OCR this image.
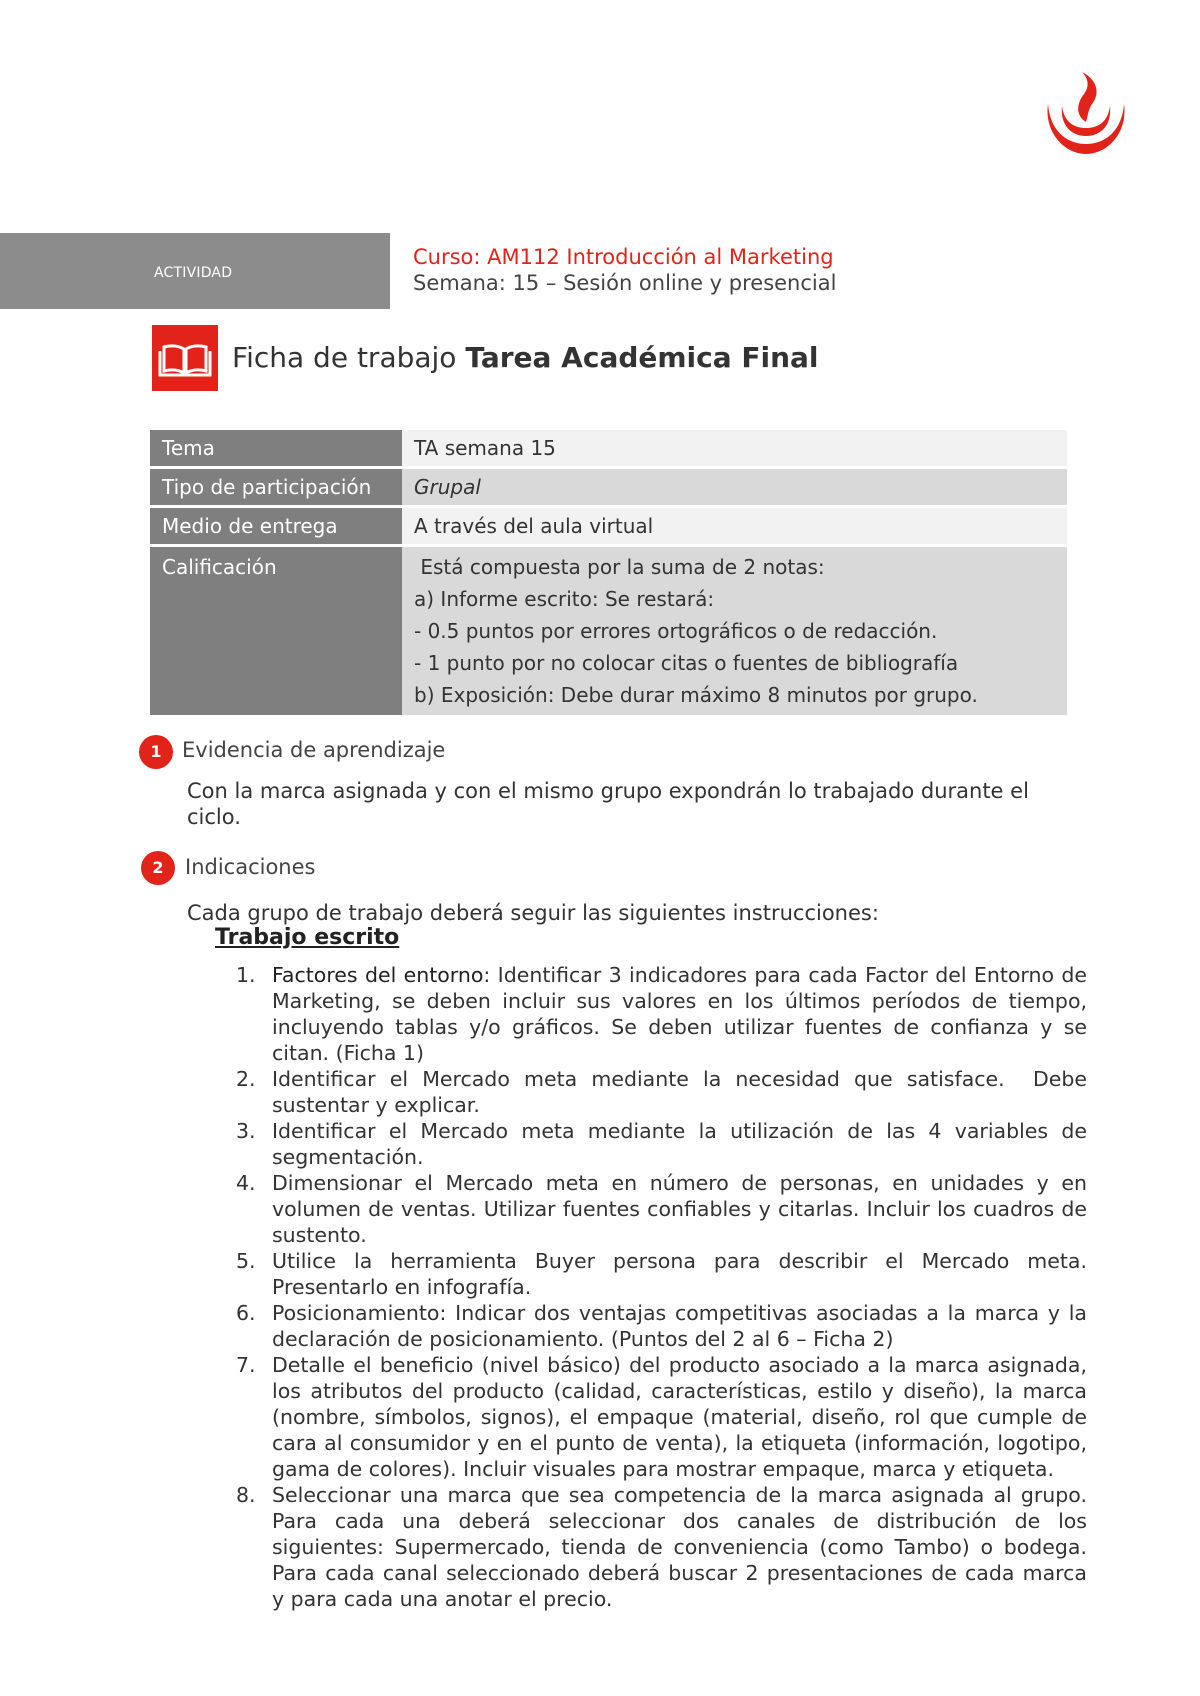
ACTIVIDAD
Curso: AM112 Introducción al Marketing
Semana: 15 – Sesión online y presencial
Ficha de trabajo Tarea Académica Final
Tema	TA semana 15
Tipo de participación	Grupal
Medio de entrega	A través del aula virtual
Calificación	Está compuesta por la suma de 2 notas:
a) Informe escrito: Se restará:
- 0.5 puntos por errores ortográficos o de redacción.
- 1 punto por no colocar citas o fuentes de bibliografía
b) Exposición: Debe durar máximo 8 minutos por grupo.
1 Evidencia de aprendizaje
Con la marca asignada y con el mismo grupo expondrán lo trabajado durante el ciclo.
2	Indicaciones
Cada grupo de trabajo deberá seguir las siguientes instrucciones:
Trabajo escrito
1. Factores del entorno: Identificar 3 indicadores para cada Factor del Entorno de Marketing, se deben incluir sus valores en los últimos períodos de tiempo, incluyendo tablas y/o gráficos. Se deben utilizar fuentes de confianza y se citan. (Ficha 1)
2. Identificar el Mercado meta mediante la necesidad que satisface.  Debe sustentar y explicar.
3. Identificar el Mercado meta mediante la utilización de las 4 variables de segmentación.
4. Dimensionar el Mercado meta en número de personas, en unidades y en volumen de ventas. Utilizar fuentes confiables y citarlas. Incluir los cuadros de sustento.
5. Utilice la herramienta Buyer persona para describir el Mercado meta. Presentarlo en infografía.
6. Posicionamiento: Indicar dos ventajas competitivas asociadas a la marca y la declaración de posicionamiento. (Puntos del 2 al 6 – Ficha 2)
7. Detalle el beneficio (nivel básico) del producto asociado a la marca asignada, los atributos del producto (calidad, características, estilo y diseño), la marca (nombre, símbolos, signos), el empaque (material, diseño, rol que cumple de cara al consumidor y en el punto de venta), la etiqueta (información, logotipo, gama de colores). Incluir visuales para mostrar empaque, marca y etiqueta.
8. Seleccionar una marca que sea competencia de la marca asignada al grupo. Para cada una deberá seleccionar dos canales de distribución de los siguientes: Supermercado, tienda de conveniencia (como Tambo) o bodega. Para cada canal seleccionado deberá buscar 2 presentaciones de cada marca y para cada una anotar el precio.
